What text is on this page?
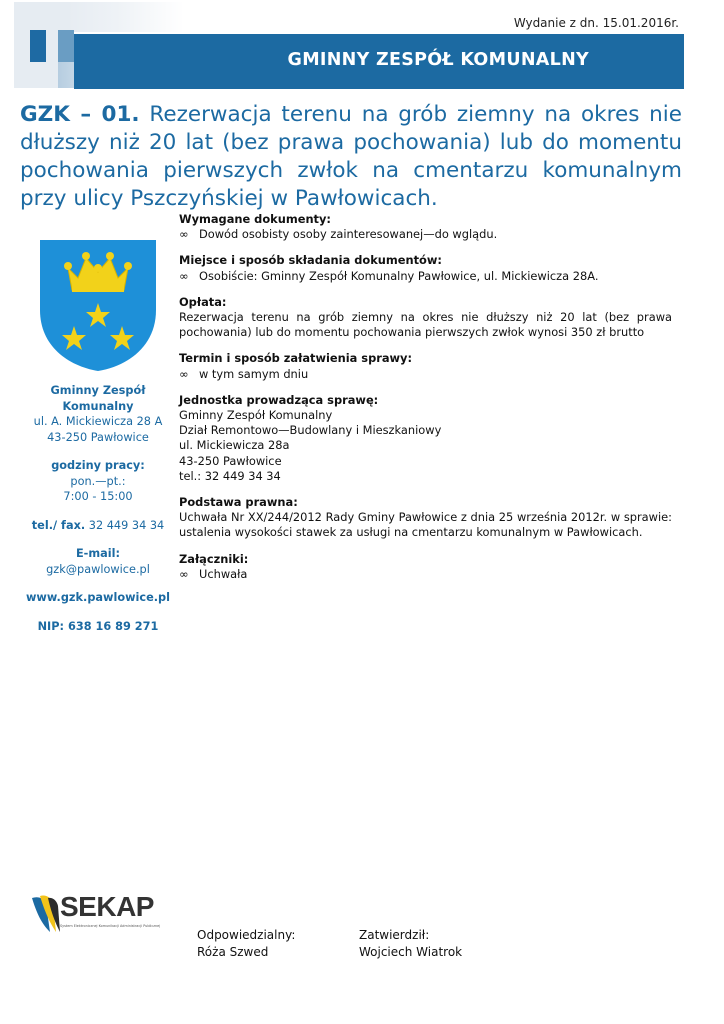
Wydanie z dn. 15.01.2016r.
GMINNY ZESPÓŁ KOMUNALNY
GZK – 01. Rezerwacja terenu na grób ziemny na okres nie dłuższy niż 20 lat (bez prawa pochowania) lub do momentu pochowania pierwszych zwłok na cmentarzu komunalnym przy ulicy Pszczyńskiej w Pawłowicach.
Gminny Zespół
Komunalny
ul. A. Mickiewicza 28 A
43-250 Pawłowice
godziny pracy:
pon.—pt.:
7:00 - 15:00
tel./ fax. 32 449 34 34
E-mail:
gzk@pawlowice.pl
www.gzk.pawlowice.pl
NIP: 638 16 89 271
Wymagane dokumenty:
∞ Dowód osobisty osoby zainteresowanej—do wglądu.
Miejsce i sposób składania dokumentów:
∞ Osobiście: Gminny Zespół Komunalny Pawłowice, ul. Mickiewicza 28A.
Opłata:
Rezerwacja terenu na grób ziemny na okres nie dłuższy niż 20 lat (bez prawa pochowania) lub do momentu pochowania pierwszych zwłok wynosi 350 zł brutto
Termin i sposób załatwienia sprawy:
∞ w tym samym dniu
Jednostka prowadząca sprawę:
Gminny Zespół Komunalny
Dział Remontowo—Budowlany i Mieszkaniowy
ul. Mickiewicza 28a
43-250 Pawłowice
tel.: 32 449 34 34
Podstawa prawna:
Uchwała Nr XX/244/2012 Rady Gminy Pawłowice z dnia 25 września 2012r. w sprawie: ustalenia wysokości stawek za usługi na cmentarzu komunalnym w Pawłowicach.
Załączniki:
∞ Uchwała
SEKAP
System Elektronicznej Komunikacji Administracji Publicznej
Odpowiedzialny:
Róża Szwed
Zatwierdził:
Wojciech Wiatrok
